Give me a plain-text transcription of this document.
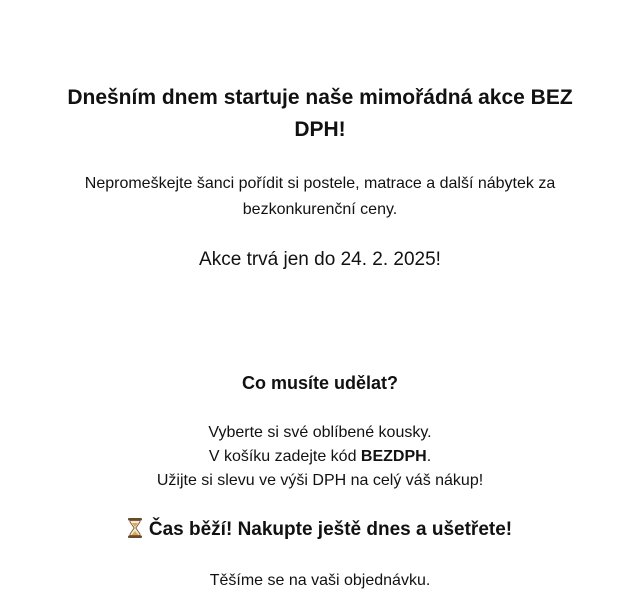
Dnešním dnem startuje naše mimořádná akce BEZ DPH!

Nepromeškejte šanci pořídit si postele, matrace a další nábytek za bezkonkurenční ceny.

Akce trvá jen do 24. 2. 2025!

Co musíte udělat?

Vyberte si své oblíbené kousky.
V košíku zadejte kód BEZDPH.
Užijte si slevu ve výši DPH na celý váš nákup!

Čas běží! Nakupte ještě dnes a ušetřete!

Těšíme se na vaši objednávku.
